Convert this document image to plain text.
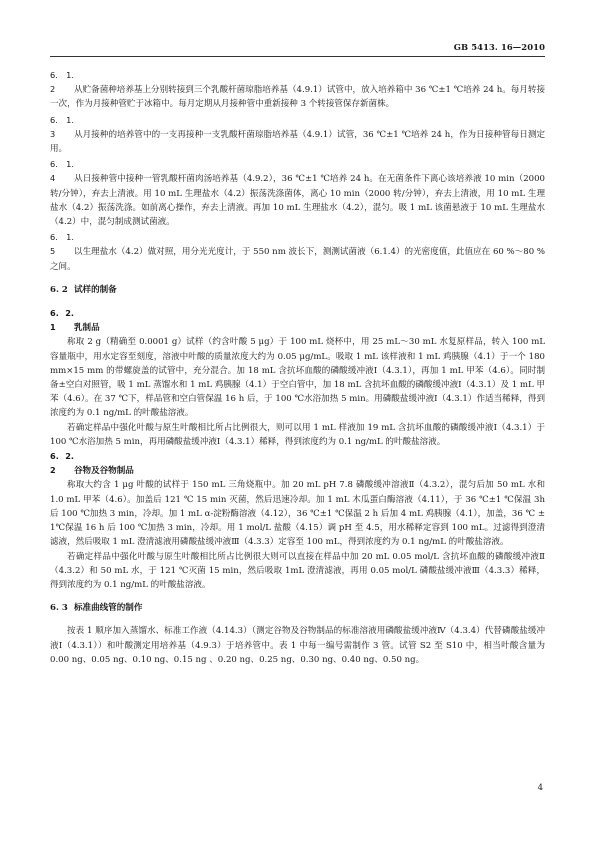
GB 5413. 16—2010

6. 1. 2 从贮备菌种培养基上分别转接到三个乳酸杆菌琼脂培养基（4.9.1）试管中，放入培养箱中 36 ℃±1 ℃培养 24 h。每月转接一次，作为月接种管贮于冰箱中。每月定期从月接种管中重新接种 3 个转接管保存新菌株。

6. 1. 3 从月接种的培养管中的一支再接种一支乳酸杆菌琼脂培养基（4.9.1）试管，36 ℃±1 ℃培养 24 h，作为日接种管每日测定用。

6. 1. 4 从日接种管中接种一管乳酸杆菌肉汤培养基（4.9.2），36 ℃±1 ℃培养 24 h。在无菌条件下离心该培养液 10 min（2000 转/分钟），弃去上清液。用 10 mL 生理盐水（4.2）振荡洗涤菌体，离心 10 min（2000 转/分钟），弃去上清液，用 10 mL 生理盐水（4.2）振荡洗涤。如前离心操作，弃去上清液。再加 10 mL 生理盐水（4.2），混匀。吸 1 mL 该菌悬液于 10 mL 生理盐水（4.2）中，混匀制成测试菌液。

6. 1. 5 以生理盐水（4.2）做对照，用分光光度计，于 550 nm 波长下，测测试菌液（6.1.4）的光密度值，此值应在 60 %～80 %之间。

6. 2 试样的制备

6. 2. 1 乳制品

称取 2 g（精确至 0.0001 g）试样（约含叶酸 5 μg）于 100 mL 烧杯中，用 25 mL～30 mL 水复原样品，转入 100 mL 容量瓶中，用水定容至刻度，溶液中叶酸的质量浓度大约为 0.05 μg/mL。吸取 1 mL 该样液和 1 mL 鸡胰腺（4.1）于一个 180 mm×15 mm 的带螺旋盖的试管中，充分混合。加 18 mL 含抗坏血酸的磷酸缓冲液Ⅰ（4.3.1），再加 1 mL 甲苯（4.6）。同时制备±空白对照管，吸 1 mL 蒸馏水和 1 mL 鸡胰腺（4.1）于空白管中，加 18 mL 含抗坏血酸的磷酸缓冲液Ⅰ（4.3.1）及 1 mL 甲苯（4.6）。在 37 ℃下，样品管和空白管保温 16 h 后，于 100 ℃水浴加热 5 min。用磷酸盐缓冲液Ⅰ（4.3.1）作适当稀释，得到浓度约为 0.1 ng/mL 的叶酸盐溶液。

若确定样品中强化叶酸与原生叶酸相比所占比例很大，则可以用 1 mL 样液加 19 mL 含抗坏血酸的磷酸缓冲液Ⅰ（4.3.1）于 100 ℃水浴加热 5 min，再用磷酸盐缓冲液Ⅰ（4.3.1）稀释，得到浓度约为 0.1 ng/mL 的叶酸盐溶液。

6. 2. 2 谷物及谷物制品

称取大约含 1 μg 叶酸的试样于 150 mL 三角烧瓶中。加 20 mL pH 7.8 磷酸缓冲溶液Ⅱ（4.3.2），混匀后加 50 mL 水和 1.0 mL 甲苯（4.6）。加盖后 121 ℃ 15 min 灭菌，然后迅速冷却。加 1 mL 木瓜蛋白酶溶液（4.11），于 36 ℃±1 ℃保温 3h 后 100 ℃加热 3 min，冷却。加 1 mL α-淀粉酶溶液（4.12），36 ℃±1 ℃保温 2 h 后加 4 mL 鸡胰腺（4.1），加盖，36 ℃ ± 1℃保温 16 h 后 100 ℃加热 3 min，冷却。用 1 mol/L 盐酸（4.15）调 pH 至 4.5，用水稀释定容到 100 mL。过滤得到澄清滤液，然后吸取 1 mL 澄清滤液用磷酸盐缓冲液Ⅲ（4.3.3）定容至 100 mL，得到浓度约为 0.1 ng/mL 的叶酸盐溶液。

若确定样品中强化叶酸与原生叶酸相比所占比例很大则可以直接在样品中加 20 mL 0.05 mol/L 含抗坏血酸的磷酸缓冲液Ⅱ（4.3.2）和 50 mL 水，于 121 ℃灭菌 15 min，然后吸取 1mL 澄清滤液，再用 0.05 mol/L 磷酸盐缓冲液Ⅲ（4.3.3）稀释，得到浓度约为 0.1 ng/mL 的叶酸盐溶液。

6. 3 标准曲线管的制作

按表 1 顺序加入蒸馏水、标准工作液（4.14.3）（测定谷物及谷物制品的标准溶液用磷酸盐缓冲液Ⅳ（4.3.4）代替磷酸盐缓冲液Ⅰ（4.3.1））和叶酸测定用培养基（4.9.3）于培养管中。表 1 中每一编号需制作 3 管。试管 S2 至 S10 中，相当叶酸含量为 0.00 ng、0.05 ng、0.10 ng、0.15 ng 、0.20 ng、0.25 ng、0.30 ng、0.40 ng、0.50 ng。

4
